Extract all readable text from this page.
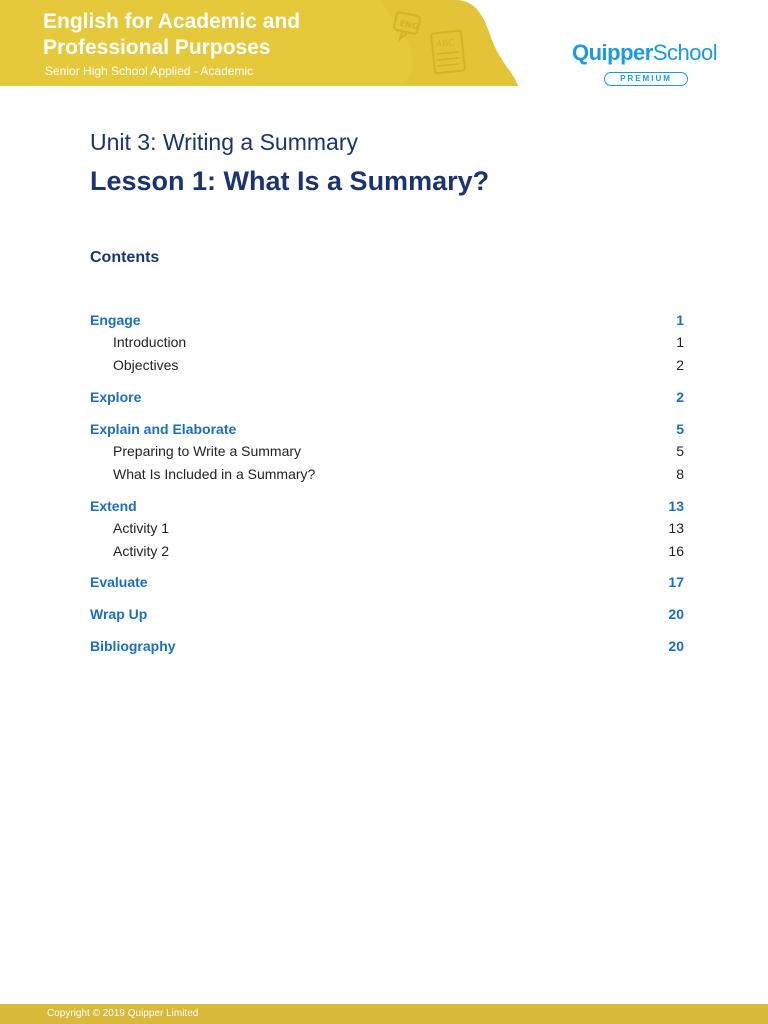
ENG
ABC
English for Academic and Professional Purposes
Senior High School Applied - Academic
QuipperSchool
PREMIUM
Unit 3: Writing a Summary
Lesson 1: What Is a Summary?
Contents
Engage	1
Introduction	1
Objectives	2
Explore	2
Explain and Elaborate	5
Preparing to Write a Summary	5
What Is Included in a Summary?	8
Extend	13
Activity 1	13
Activity 2	16
Evaluate	17
Wrap Up	20
Bibliography	20
Copyright © 2019 Quipper Limited
